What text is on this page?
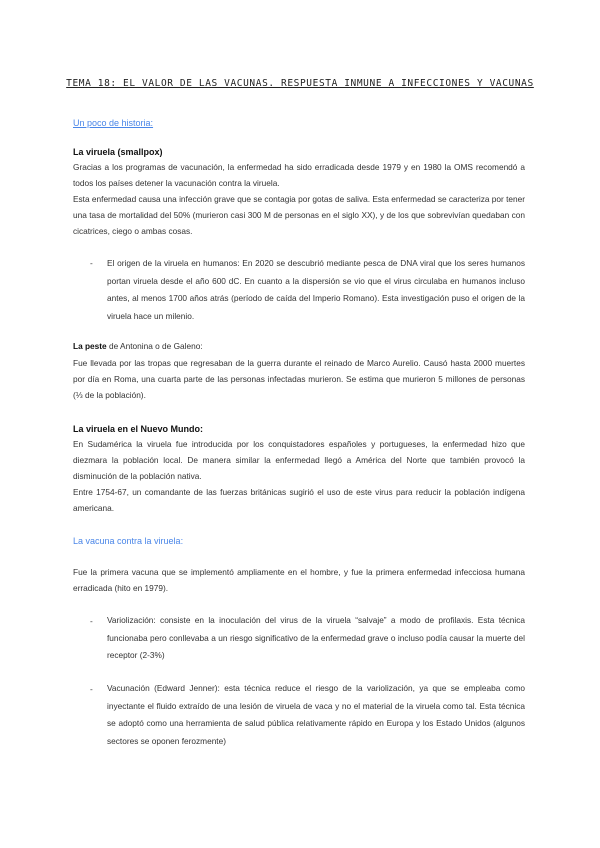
TEMA 18: EL VALOR DE LAS VACUNAS. RESPUESTA INMUNE A INFECCIONES Y VACUNAS
Un poco de historia:
La viruela (smallpox)
Gracias a los programas de vacunación, la enfermedad ha sido erradicada desde 1979 y en 1980 la OMS recomendó a todos los países detener la vacunación contra la viruela.
Esta enfermedad causa una infección grave que se contagia por gotas de saliva. Esta enfermedad se caracteriza por tener una tasa de mortalidad del 50% (murieron casi 300 M de personas en el siglo XX), y de los que sobrevivían quedaban con cicatrices, ciego o ambas cosas.
- El origen de la viruela en humanos: En 2020 se descubrió mediante pesca de DNA viral que los seres humanos portan viruela desde el año 600 dC. En cuanto a la dispersión se vio que el virus circulaba en humanos incluso antes, al menos 1700 años atrás (período de caída del Imperio Romano). Esta investigación puso el origen de la viruela hace un milenio.
La peste de Antonina o de Galeno:
Fue llevada por las tropas que regresaban de la guerra durante el reinado de Marco Aurelio. Causó hasta 2000 muertes por día en Roma, una cuarta parte de las personas infectadas murieron. Se estima que murieron 5 millones de personas (⅓ de la población).
La viruela en el Nuevo Mundo:
En Sudamérica la viruela fue introducida por los conquistadores españoles y portugueses, la enfermedad hizo que diezmara la población local. De manera similar la enfermedad llegó a América del Norte que también provocó la disminución de la población nativa.
Entre 1754-67, un comandante de las fuerzas británicas sugirió el uso de este virus para reducir la población indígena americana.
La vacuna contra la viruela:
Fue la primera vacuna que se implementó ampliamente en el hombre, y fue la primera enfermedad infecciosa humana erradicada (hito en 1979).
- Variolización: consiste en la inoculación del virus de la viruela “salvaje” a modo de profilaxis. Esta técnica funcionaba pero conllevaba a un riesgo significativo de la enfermedad grave o incluso podía causar la muerte del receptor (2-3%)
- Vacunación (Edward Jenner): esta técnica reduce el riesgo de la variolización, ya que se empleaba como inyectante el fluido extraído de una lesión de viruela de vaca y no el material de la viruela como tal. Esta técnica se adoptó como una herramienta de salud pública relativamente rápido en Europa y los Estado Unidos (algunos sectores se oponen ferozmente)
